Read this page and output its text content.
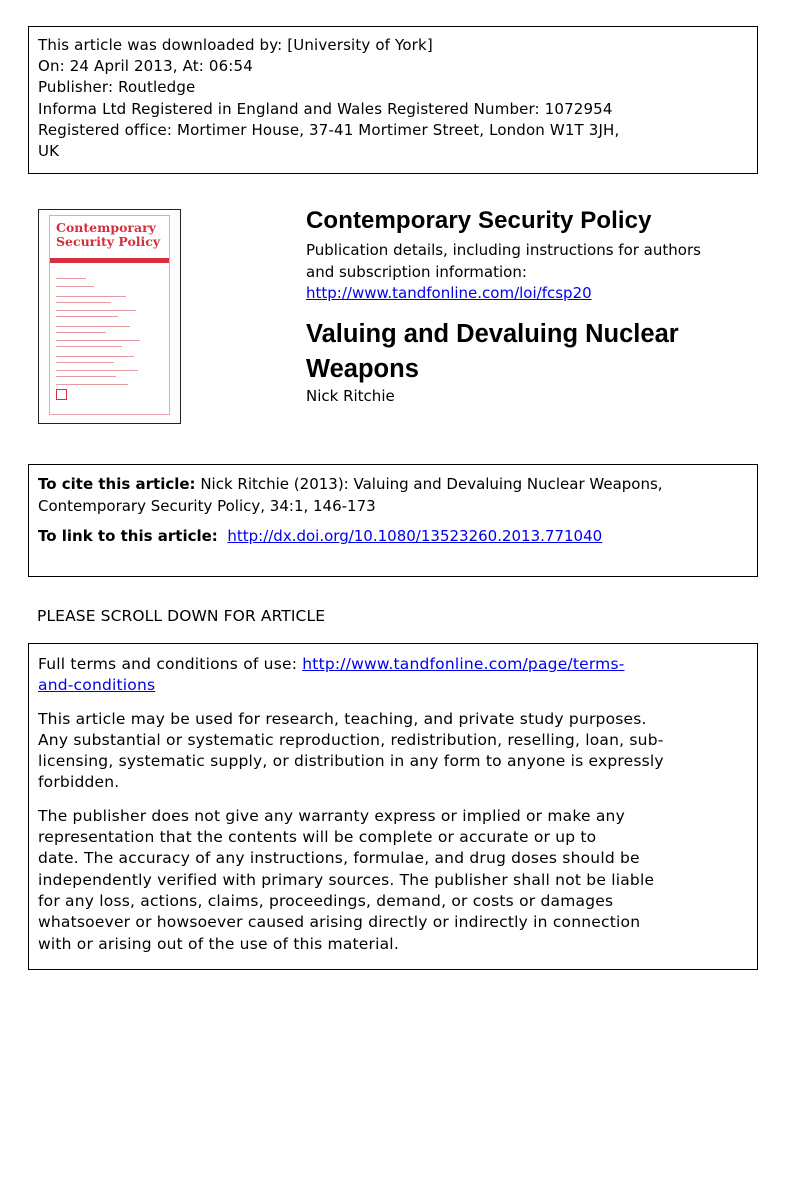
This article was downloaded by: [University of York]
On: 24 April 2013, At: 06:54
Publisher: Routledge
Informa Ltd Registered in England and Wales Registered Number: 1072954
Registered office: Mortimer House, 37-41 Mortimer Street, London W1T 3JH,
UK
Contemporary
Security Policy
Contemporary Security Policy
Publication details, including instructions for authors
and subscription information:
http://www.tandfonline.com/loi/fcsp20
Valuing and Devaluing Nuclear
Weapons
Nick Ritchie
To cite this article: Nick Ritchie (2013): Valuing and Devaluing Nuclear Weapons,
Contemporary Security Policy, 34:1, 146-173
To link to this article: http://dx.doi.org/10.1080/13523260.2013.771040
PLEASE SCROLL DOWN FOR ARTICLE
Full terms and conditions of use: http://www.tandfonline.com/page/terms-
and-conditions
This article may be used for research, teaching, and private study purposes.
Any substantial or systematic reproduction, redistribution, reselling, loan, sub-
licensing, systematic supply, or distribution in any form to anyone is expressly
forbidden.
The publisher does not give any warranty express or implied or make any
representation that the contents will be complete or accurate or up to
date. The accuracy of any instructions, formulae, and drug doses should be
independently verified with primary sources. The publisher shall not be liable
for any loss, actions, claims, proceedings, demand, or costs or damages
whatsoever or howsoever caused arising directly or indirectly in connection
with or arising out of the use of this material.
